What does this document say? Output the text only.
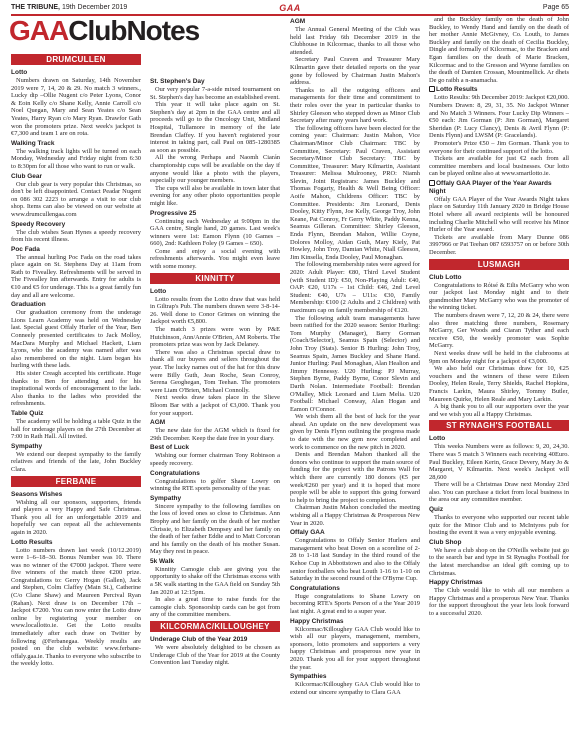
THE TRIBUNE, 19th December 2019	GAA	Page 65
GAAClubNotes
DRUMCULLEN
Lotto

Numbers drawn on Saturday, 14th November 2019 were 7, 14, 20 & 29. No match 3 winners., Lucky dip –Ollie Nugent c/o Peter Lyons, Conor & Eoin Kelly c/o Shane Kelly, Annie Carroll c/o Noel Quegan, Mary and Sean Yeates c/o Sean Yeates, Harry Ryan c/o Mary Ryan. Drawfor Gath won the promoters prize. Next week's jackpot is €7,300 and team 1 are on rota.

Walking Track

The walking track lights will be turned on each Monday, Wednesday and Friday night from 6:30 to 8:30pm for all those who want to run or walk.

Club Gear

Our club gear is very popular this Christmas, so don't be left disappointed. Contact Peadar Nugent on 086 302 2223 to arrange a visit to our club shop. Items can also be viewed on our website at www.drumcullengaa.com

Speedy Recovery

The club wishes Sean Hynes a speedy recovery from his recent illness.

Poc Fada

The annual hurling Poc Fada on the road takes place again on St. Stephens Day at 11am from Rath to Fivealley. Refreshments will be served in The Fivealley Inn afterwards. Entry for adults is €10 and €5 for underage. This is a great family fun day and all are welcome.

Graduation

Our graduation ceremony from the underage Lions Learn Academy was held on Wednesday last. Special guest Offaly Hurler of the Year, Ben Conneely presented certificates to Jack Molloy, MacDara Murphy and Michael Hackett, Liam Lyons, who the academy was named after was also remembered on the night. Liam began his hurling with these lads.

His sister Creagh accepted his certificate. Huge thanks to Ben for attending and for his inspirational words of encouragement to the lads. Also thanks to the ladies who provided the refreshments.

Table Quiz

The academy will be holding a table Quiz in the hall for underage players on the 27th December at 7:00 in Rath Hall. All invited.

Sympathy

We extend our deepest sympathy to the family relatives and friends of the late, John Buckley Clara.

FERBANE
Seasons Wishes

Wishing all our sponsors, supporters, friends and players a very Happy and Safe Christmas. Thank you all for an unforgettable 2019 and hopefully we can repeat all the achievements again in 2020.

Lotto Results

Lotto numbers drawn last week (10/12.2019) were 1–6–18–30. Bonus Number was 10. There was no winner of the €7000 jackpot. There were five winners of the match three €200 prize. Congratulations to: Gerry Hogan (Gallen), Jack and Stephen, Colm Claffey (Main St.), Catherine (C/o Clane Shaw) and Maureen Percival Ryan (Rahan). Next draw is on December 17th – Jackpot €7200. You can now enter the Lotto draw online by registering your member on www.locallotto.ie. Get the Lotto results immediately after each draw on Twitter by following @Ferbanegaa. Weekly results are posted on the club website: www.ferbane-offaly.gaa.ie. Thanks to everyone who subscribe to the weekly lotto.

St. Stephen's Day

Our very popular 7-a-side mixed tournament on St. Stephen's day has become an established event.

This year it will take place again on St. Stephen's day at 2pm in the GAA centre and all proceeds will go to the Oncology Unit, Midland Hospital, Tullamore in memory of the late Brendan Claffey. If you haven't registered your interest in taking part, call Paul on 085-1280385 as soon as possible.

All the wrong Perhaps and Naomh Ciarán championship cups will be available on the day if anyone would like a photo with the players, especially our younger members.

The cups will also be available in town later that evening for any other photo opportunities people might like.

Progressive 25

Continuing each Wednesday at 9:00pm in the GAA centre, Single hand, 20 games. Last week's winners were 1st: Eamon Flynn (10 Games – 660), 2nd: Kathleen Foley (9 Games – 650).

Come and enjoy a social evening with refreshments afterwards. You might even leave with some money.

KINNITTY
Lotto

Lotto results from the Lotto draw that was held in Giltrap's Pub. The numbers drawn were 3-8-14-26. Well done to Conor Grimes on winning the Jackpot worth €5,800.

The match 3 prizes were won by P&E Hutchinson, Ann/Annie O'Brien, AM Roberts. The promoters prize was won by Jack Delaney.

There was also a Christmas special draw to thank all our buyers and sellers throughout the year. The lucky names out of the hat for this draw were Billy Guth, Jean Roche, Sean Conroy, Serena Geoghegan, Tom Teehan. The promoters were Liam O'Brien, Michael Connolly.

Next weeks draw takes place in the Slieve Bloom Bar with a jackpot of €3,000. Thank you for your support.

AGM

The new date for the AGM which is fixed for 29th December. Keep the date free in your diary.

Best of Luck

Wishing our former chairman Tony Robinson a speedy recovery.

Congratulations

Congratulations to golfer Shane Lowry on winning the RTE sports personality of the year.

Sympathy

Sincere sympathy to the following families on the loss of loved ones so close to Christmas. Ann Brophy and her family on the death of her mother Chrissie, to Elizabeth Dempsey and her family on the death of her father Eddie and to Matt Corcoran and his family on the death of his mother Susan. May they rest in peace.

5k Walk

Kinnitty Camogie club are giving you the opportunity to shake off the Christmas excess with a 5K walk starting in the GAA field on Sunday 5th Jan 2020 at 12:15pm.

In also a great time to raise funds for the camogie club. Sponsorship cards can be got from any of the committee members.

KILCORMAC/KILLOUGHEY
Underage Club of the Year 2019

We were absolutely delighted to be chosen as Underage Club of the Year for 2019 at the County Convention last Tuesday night.

AGM

The Annual General Meeting of the Club was held last Friday 6th December 2019 in the Clubhouse in Kilcormac, thanks to all those who attended.

Secretary Paul Craven and Treasurer Mary Kilmartin gave their detailed reports on the year gone by followed by Chairman Justin Mahon's address.

Thanks to all the outgoing officers and managements for their time and commitment to their roles over the year in particular thanks to Shirley Gleeson who stepped down as Minor Club Secretary after many years hard work.

The following officers have been elected for the coming year: Chairman: Justin Mahon, Vice Chairman/Minor Club Chairman: TBC by Committee, Secretary: Paul Craven, Assistant Secretary/Minor Club Secretary: TBC by Committee, Treasurer: Mary Kilmartin, Assistant Treasurer: Melissa Mulrooney, PRO: Niamh Slevin, Joint Registrars: James Buckley and Thomas Fogarty, Health & Well Being Officer: Aoife Mahon, Childrens Officer: TBC by Committee. Presidents: Jim Leonard, Denis Dooley, Kitty Flynn, Joe Kelly, George Troy, John Keane, Pat Conroy, Fr Gerry White, Paddy Kenna, Seamus Gilleran. Committee: Shirley Gleeson, Enda Flynn, Brendan Mahon, Willie Coyne, Dolores Molloy, Aidan Guth, Mary Kiely, Pat Howley, John Troy, Damian White, Niall Gleeson, Jim Kinsella, Enda Dooley, Paul Monaghan.

The following membership rates were agreed for 2020: Adult Player: €80, Third Level Student (with Student ID): €50, Non-Playing Adult: €40, OAP: €20, U17s – 1st Child: €46, 2nd Level Student: €40, U7s – U11s: €30, Family Membership: €100 (2 Adults and 2 Children) with maximum cap on family membership of €120.

The following adult team managements have been ratified for the 2020 season: Senior Hurling: Tom Murphy (Manager), Barry Gorman (Coach/Selector), Seamus Spain (Selector) and John Troy (Stats). Senior B Hurling: John Troy, Seamus Spain, James Buckley and Shane Hand. Junior Hurling: Paul Monaghan, Alan Healion and Jimmy Hennessy. U20 Hurling: PJ Murray, Stephen Byrne, Paddy Byrne, Conor Slevin and Darth Nolan. Intermediate Football: Brendan O'Malley, Mick Leonard and Liam Melia. U20 Football: Michael Conway, Alan Hogan and Eamon O'Connor.

We wish them all the best of luck for the year ahead. An update on the new development was given by Denis Flynn outlining the progress made to date with the new gym now completed and work to commence on the new pitch in 2020.

Denis and Brendan Mahon thanked all the donors who continue to support the main source of funding for the project with the Patrons Wall for which there are currently 180 donors (€5 per week/€260 per year) and it is hoped that more people will be able to support this going forward to help to bring the project to completion.

Chairman Justin Mahon concluded the meeting wishing all a Happy Christmas & Prosperous New Year in 2020.

Offaly GAA

Congratulations to Offaly Senior Hurlers and management who beat Down on a scoreline of 2-28 to 1-18 last Sunday in the third round of the Kehoe Cup in Abbottstown and also to the Offaly senior footballers who beat Louth 1-16 to 1-10 on Saturday in the second round of the O'Byrne Cup.

Congratulations

Huge congratulations to Shane Lowry on becoming RTE's Sports Person of a the Year 2019 last night. A great end to a super year.

Happy Christmas

Kilcormac/Killoughey GAA Club would like to wish all our players, management, members, sponsors, lotto promoters and supporters a very happy Christmas and prosperous new year in 2020. Thank you all for your support throughout the year.

Sympathies

Kilcormac/Killoughey GAA Club would like to extend our sincere sympathy to Clara GAA

and the Buckley family on the death of John Buckley, to Wendy Hand and family on the death of her mother Annie McGivney, Co. Louth, to James Buckley and family on the death of Cecilia Buckley, Dingle and formally of Kilcormac, to the Bracken and Egan families on the death of Marie Bracken, Kilcormac and to the Gresson and Wynne families on the death of Damien Crossan, Mountmellick. Ar dheis De go raibh a n-anamacha.

Lotto Results

Lotto Results: 9th December 2019: Jackpot €20,000. Numbers Drawn: 8, 29, 31, 35. No Jackpot Winner and No Match 3 Winners. Four Lucky Dip Winners – €50 each: Jim Gorman (P: Jim Gorman), Margaret Sheridan (P: Lucy Clancy), Denis & Avril Flynn (P: Denis Flynn) and LWSM (P: Gracelands).

Promoter's Prize €50 – Jim Gorman. Thank you to everyone for their continued support of the lotto.

Tickets are available for just €2 each from all committee members and local businesses. Our lotto can be played online also at www.smartlotto.ie.

Offaly GAA Player of the Year Awards Night

Offaly GAA Player of the Year Awards Night takes place on Saturday 11th January 2020 in Bridge House Hotel where all award recipients will be honoured including Charlie Mitchell who will receive his Minor Hurler of the Year award.

Tickets are available from Mary Dunne 086 3997966 or Pat Teehan 087 6593757 on or before 30th December.

LUSMAGH
Club Lotto

Congratulations to Róisé & Eilis McGarry who won our jackpot last Monday night and to their grandmother Mary McGarry who was the promoter of the winning ticket.

The numbers drawn were 7, 12, 20 & 24, there were also three matching three numbers, Rosemary McGarry, Ger Woods and Ciaran Tyther and each receive €50, the weekly promoter was Sophie McGarry.

Next weeks draw will be held in the clubrooms at 9pm on Monday night for a jackpot of €3,000.

We also held our Christmas draw for 10, €25 vouchers and the winners of these were Eileen Dooley, Helen Reale, Terry Shields, Rachel Hopkins, Francis Larkin, Maura Shirley, Tommy Butler, Maureen Quirke, Helen Reale and Mary Larkin.

A big thank you to all our supporters over the year and we wish you all a Happy Christmas.

ST RYNAGH'S FOOTBALL
Lotto

This weeks Numbers were as follows: 9, 20, 24,30. There was 5 match 3 Winners each receiving 40Euro. Paul Buckley, Eileen Kerin, Grace Devery, Mary Jo & Margaret, V Kilmartin. Next week's Jackpot will 28,600

There will be a Christmas Draw next Monday 23rd also. You can purchase a ticket from local business in the area our any committee member.

Quiz

Thanks to everyone who supported our recent table quiz for the Minor Club and to McIntyres pub for hosting the event it was a very enjoyable evening.

Club Shop

We have a club shop on the O'Neills website just go to the search bar and type in St Rynaghs Football for the latest merchandise an ideal gift coming up to Christmas.

Happy Christmas

The Club would like to wish all our members a Happy Christmas and a prosperous New Year. Thanks for the support throughout the year lets look forward to a successful 2020.
